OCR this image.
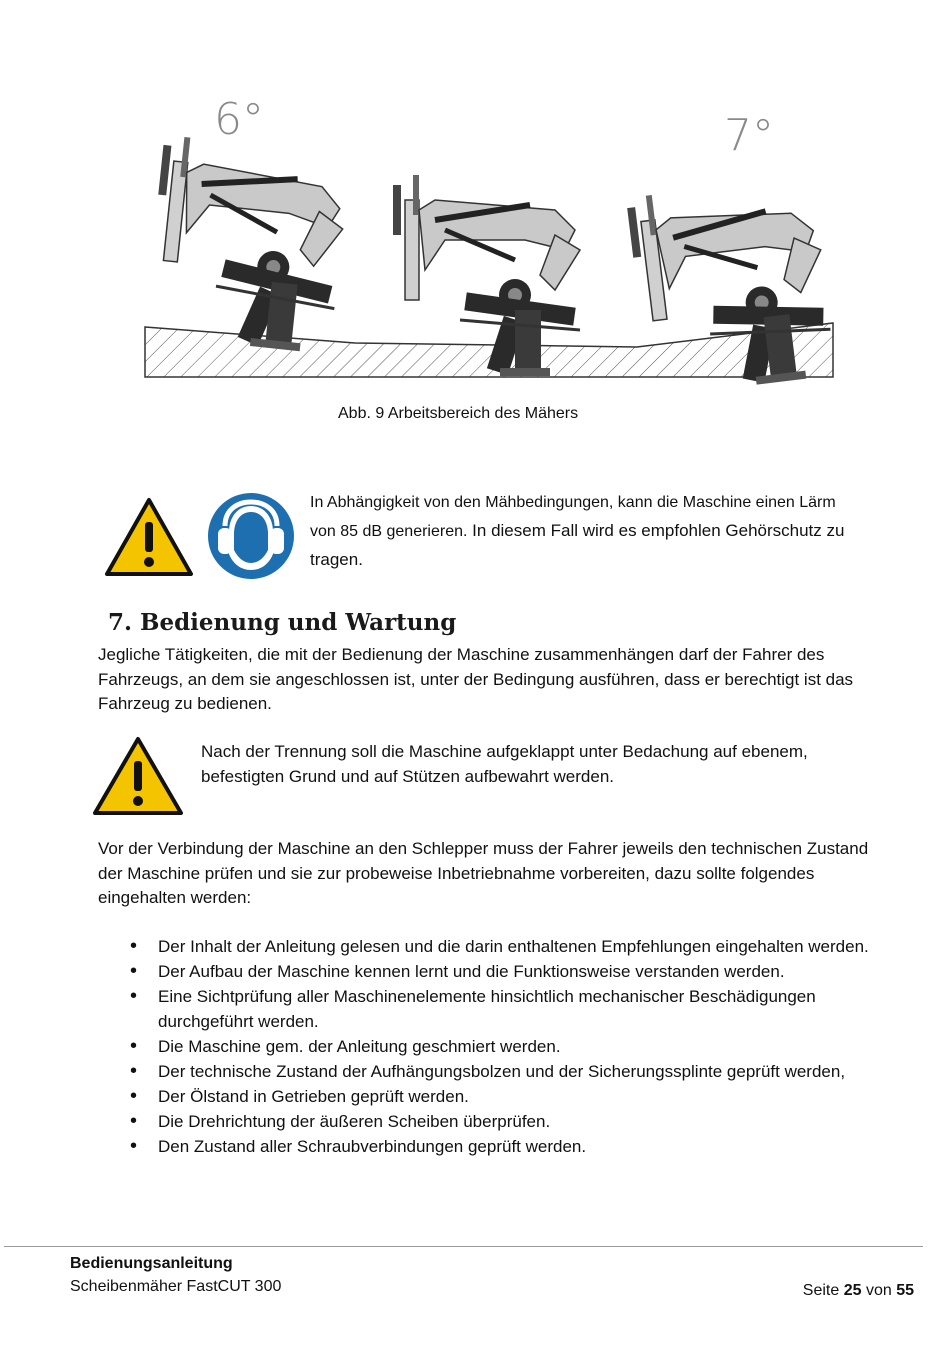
6°	7°
Abb. 9 Arbeitsbereich des Mähers
In Abhängigkeit von den Mähbedingungen, kann die Maschine einen Lärm
von 85 dB generieren. In diesem Fall wird es empfohlen Gehörschutz zu
tragen.
7. Bedienung und Wartung
Jegliche Tätigkeiten, die mit der Bedienung der Maschine zusammenhängen darf der Fahrer des Fahrzeugs, an dem sie angeschlossen ist, unter der Bedingung ausführen, dass er berechtigt ist das Fahrzeug zu bedienen.
Nach der Trennung soll die Maschine aufgeklappt unter Bedachung auf ebenem, befestigten Grund und auf Stützen aufbewahrt werden.
Vor der Verbindung der Maschine an den Schlepper muss der Fahrer jeweils den technischen Zustand der Maschine prüfen und sie zur probeweise Inbetriebnahme vorbereiten, dazu sollte folgendes eingehalten werden:
• Der Inhalt der Anleitung gelesen und die darin enthaltenen Empfehlungen eingehalten werden.
• Der Aufbau der Maschine kennen lernt und die Funktionsweise verstanden werden.
• Eine Sichtprüfung aller Maschinenelemente hinsichtlich mechanischer Beschädigungen durchgeführt werden.
• Die Maschine gem. der Anleitung geschmiert werden.
• Der technische Zustand der Aufhängungsbolzen und der Sicherungssplinte geprüft werden,
• Der Ölstand in Getrieben geprüft werden.
• Die Drehrichtung der äußeren Scheiben überprüfen.
• Den Zustand aller Schraubverbindungen geprüft werden.
Bedienungsanleitung
Scheibenmäher FastCUT 300	Seite 25 von 55
